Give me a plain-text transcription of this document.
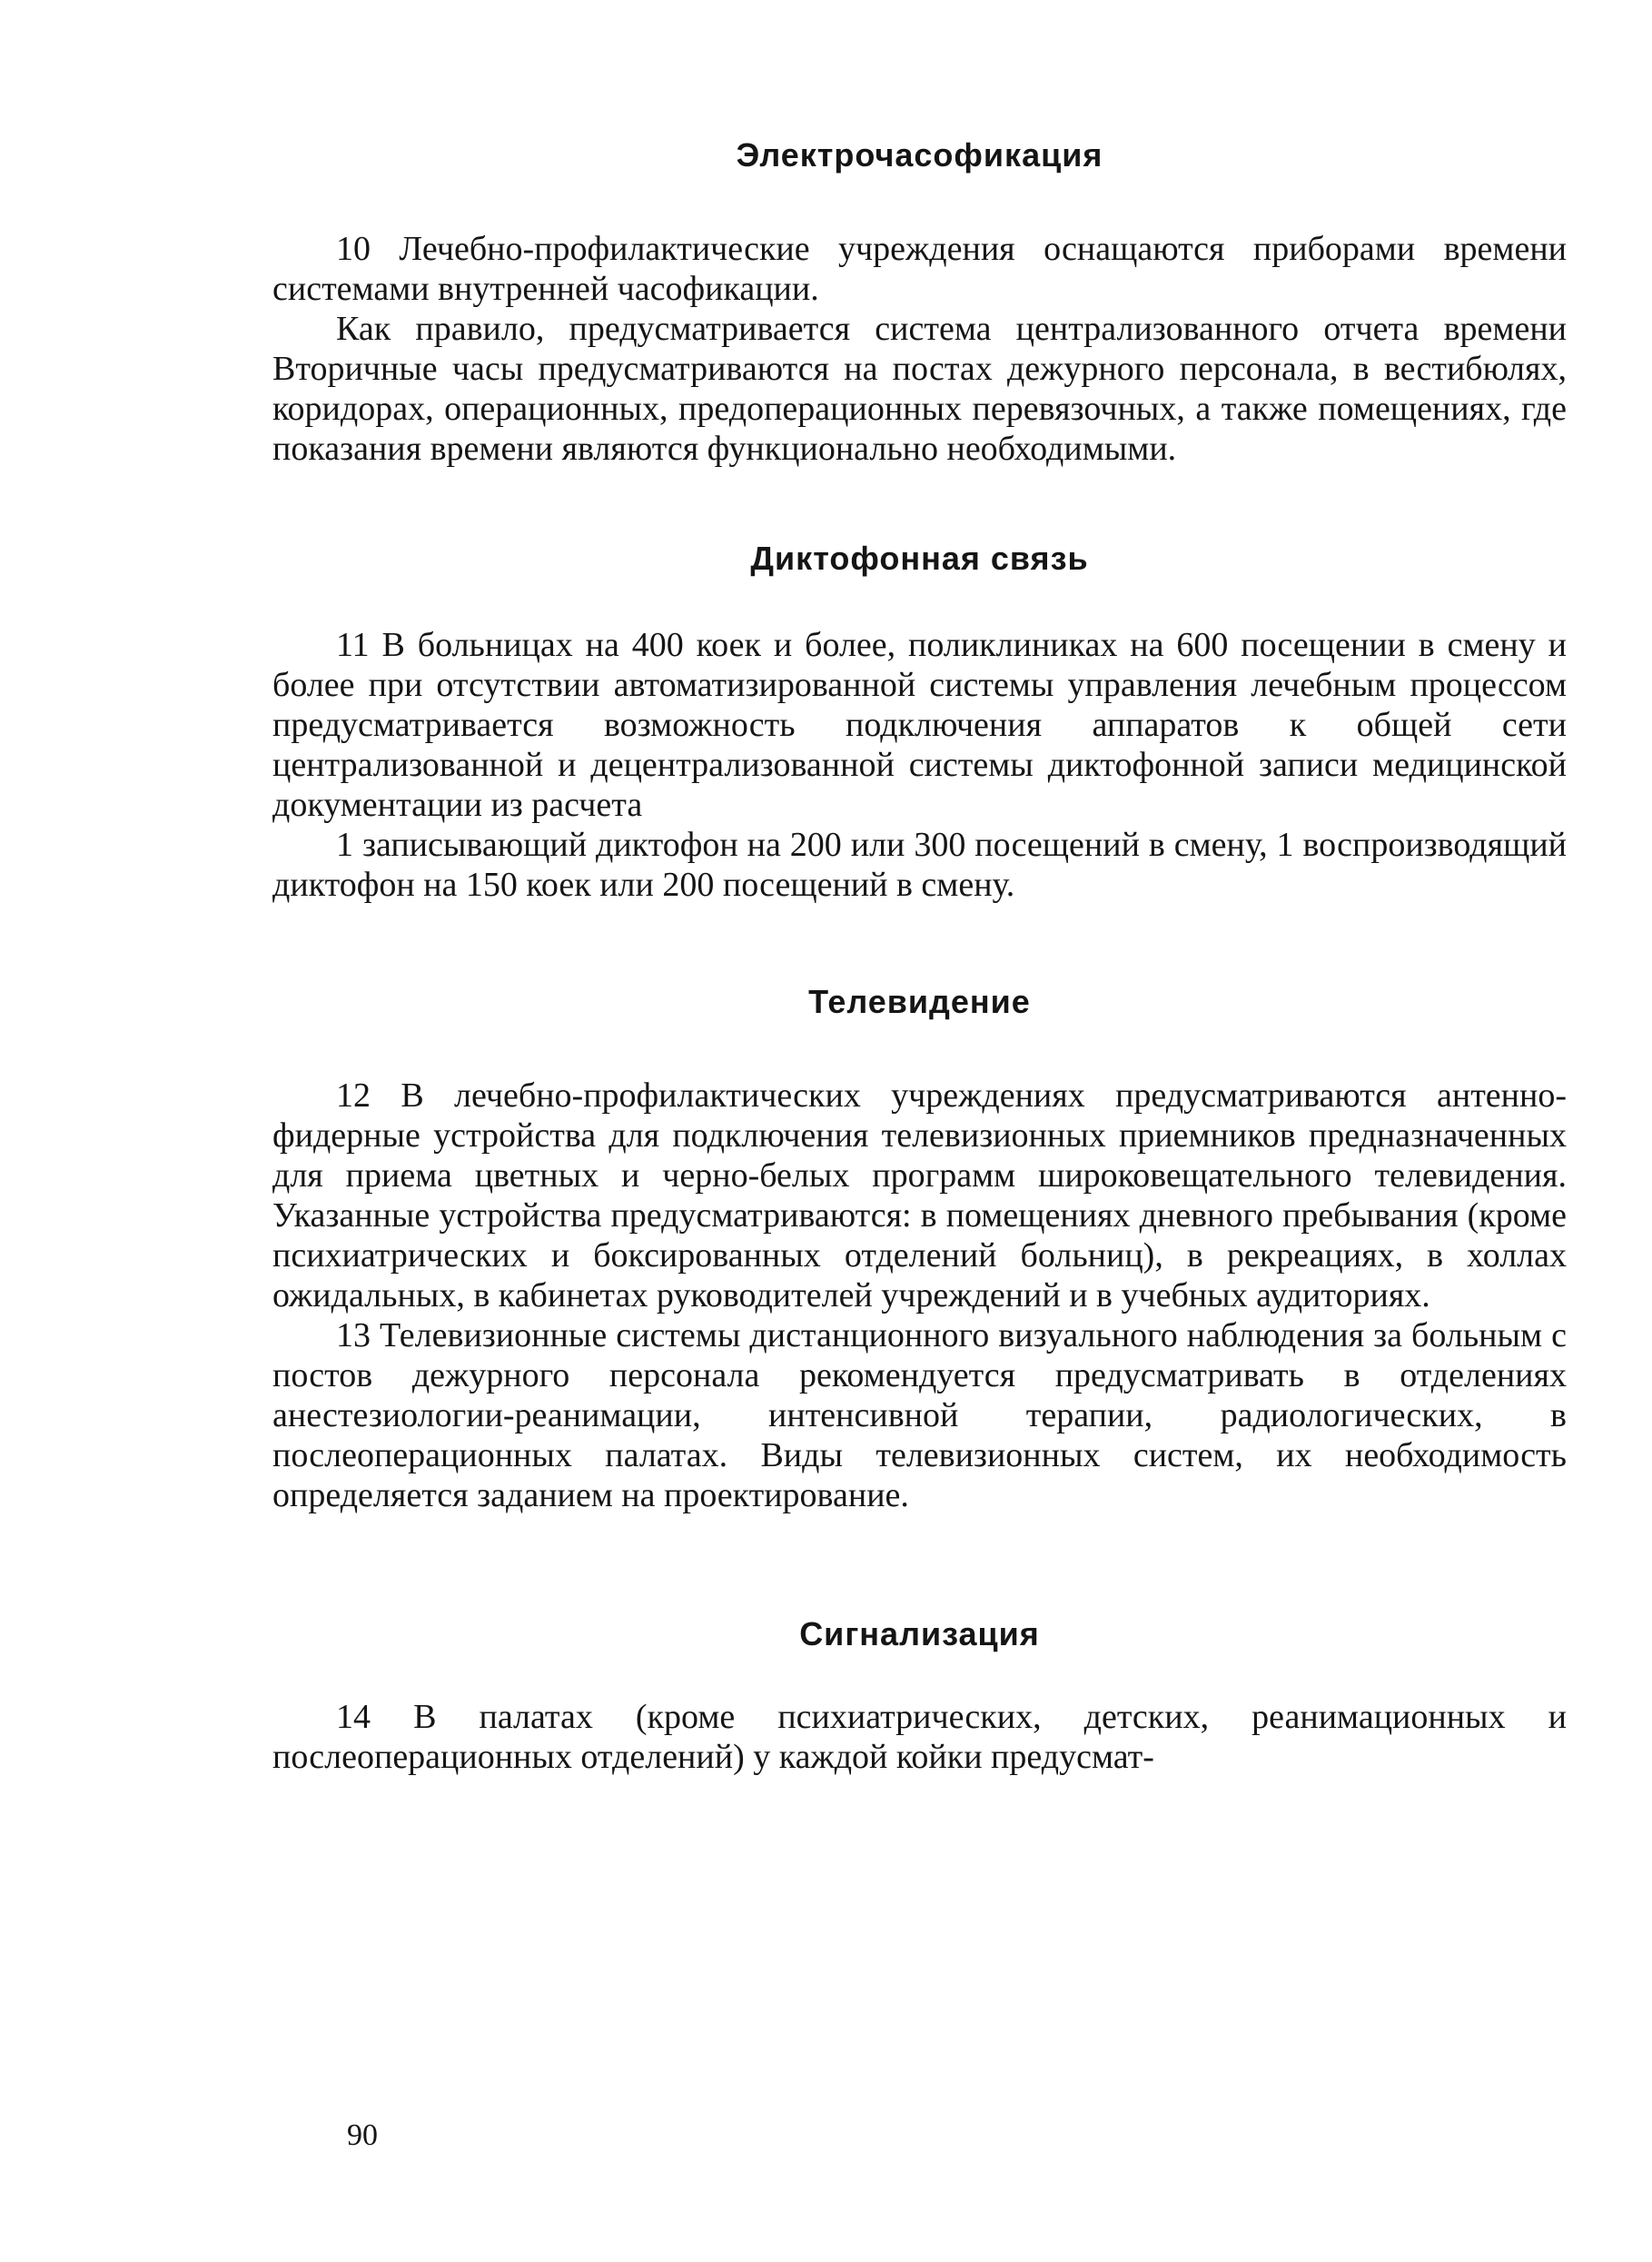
Электрочасофикация

10 Лечебно-профилактические учреждения оснащаются приборами времени системами внутренней часофикации.

Как правило, предусматривается система централизованного отчета времени Вторичные часы предусматриваются на постах дежурного персонала, в вестибюлях, коридорах, операционных, предоперационных перевязочных, а также помещениях, где показания времени являются функционально необходимыми.

Диктофонная связь

11 В больницах на 400 коек и более, поликлиниках на 600 посещении в смену и более при отсутствии автоматизированной системы управления лечебным процессом предусматривается возможность подключения аппаратов к общей сети централизованной и децентрализованной системы диктофонной записи медицинской документации из расчета

1 записывающий диктофон на 200 или 300 посещений в смену, 1 воспроизводящий диктофон на 150 коек или 200 посещений в смену.

Телевидение

12 В лечебно-профилактических учреждениях предусматриваются антенно-фидерные устройства для подключения телевизионных приемников предназначенных для приема цветных и черно-белых программ широковещательного телевидения. Указанные устройства предусматриваются: в помещениях дневного пребывания (кроме психиатрических и боксированных отделений больниц), в рекреациях, в холлах ожидальных, в кабинетах руководителей учреждений и в учебных аудиториях.

13 Телевизионные системы дистанционного визуального наблюдения за больным с постов дежурного персонала рекомендуется предусматривать в отделениях анестезиологии-реанимации, интенсивной терапии, радиологических, в послеоперационных палатах. Виды телевизионных систем, их необходимость определяется заданием на проектирование.

Сигнализация

14 В палатах (кроме психиатрических, детских, реанимационных и послеоперационных отделений) у каждой койки предусмат-

90
